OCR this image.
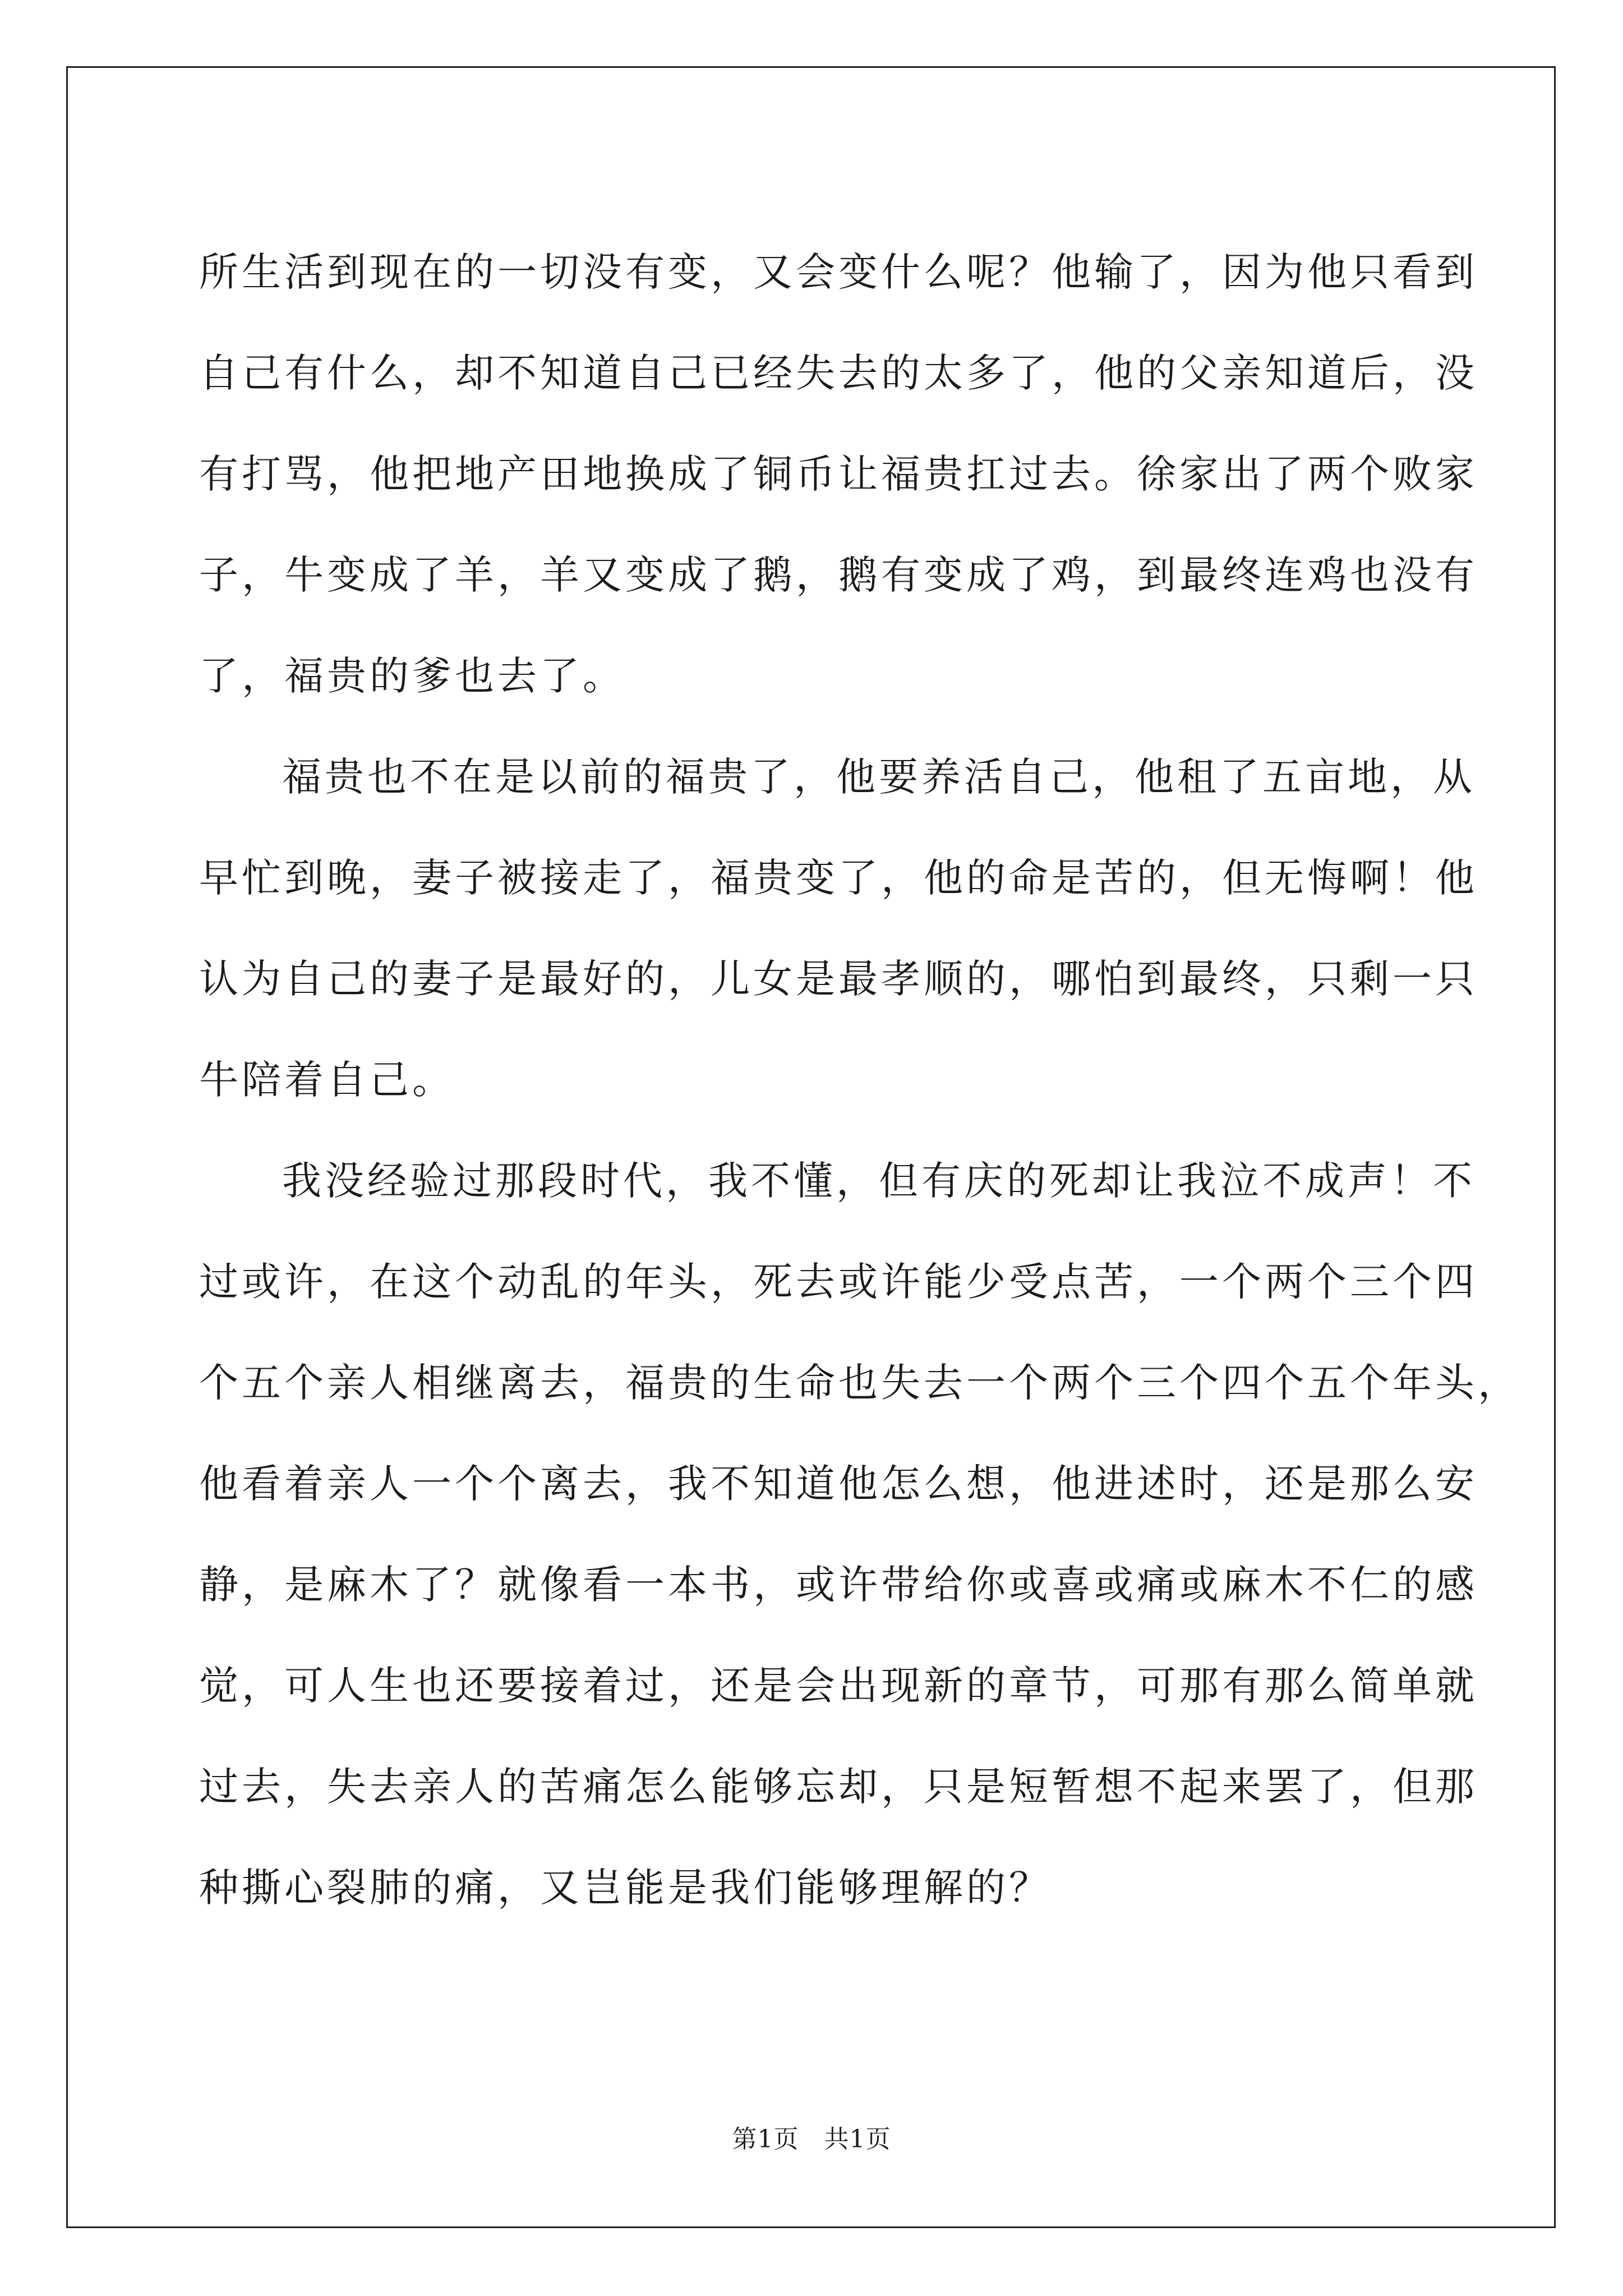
所生活到现在的一切没有变，又会变什么呢？他输了，因为他只看到
自己有什么，却不知道自己已经失去的太多了，他的父亲知道后，没
有打骂，他把地产田地换成了铜币让福贵扛过去。徐家出了两个败家
子，牛变成了羊，羊又变成了鹅，鹅有变成了鸡，到最终连鸡也没有
了，福贵的爹也去了。

福贵也不在是以前的福贵了，他要养活自己，他租了五亩地，从
早忙到晚，妻子被接走了，福贵变了，他的命是苦的，但无悔啊！他
认为自己的妻子是最好的，儿女是最孝顺的，哪怕到最终，只剩一只
牛陪着自己。

我没经验过那段时代，我不懂，但有庆的死却让我泣不成声！不
过或许，在这个动乱的年头，死去或许能少受点苦，一个两个三个四
个五个亲人相继离去，福贵的生命也失去一个两个三个四个五个年头，
他看着亲人一个个离去，我不知道他怎么想，他进述时，还是那么安
静，是麻木了？就像看一本书，或许带给你或喜或痛或麻木不仁的感
觉，可人生也还要接着过，还是会出现新的章节，可那有那么简单就
过去，失去亲人的苦痛怎么能够忘却，只是短暂想不起来罢了，但那
种撕心裂肺的痛，又岂能是我们能够理解的？

第1页　共1页
